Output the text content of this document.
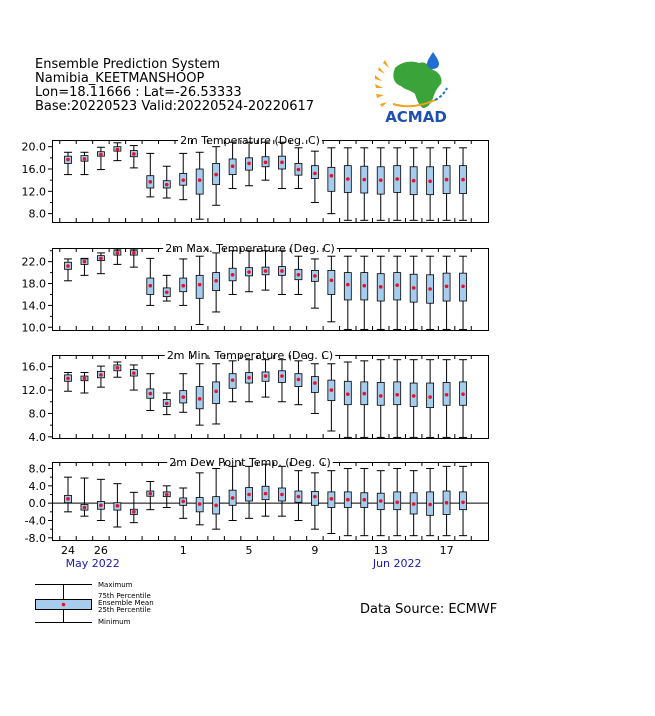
Ensemble Prediction System
Namibia_KEETMANSHOOP
Lon=18.11666 : Lat=-26.53333
Base:20220523 Valid:20220524-20220617
ACMAD
2m Temperature (Deg. C)
8.0
12.0
16.0
20.0
2m Max. Temperature (Deg. C)
10.0
14.0
18.0
22.0
2m Min. Temperature (Deg. C)
4.0
8.0
12.0
16.0
2m Dew Point Temp. (Deg. C)
-8.0
-4.0
0.0
4.0
8.0
24 26	1	5	9	13	17
May 2022	Jun 2022
Maximum
75th Percentile
Ensemble Mean
25th Percentile
Minimum
Data Source: ECMWF
